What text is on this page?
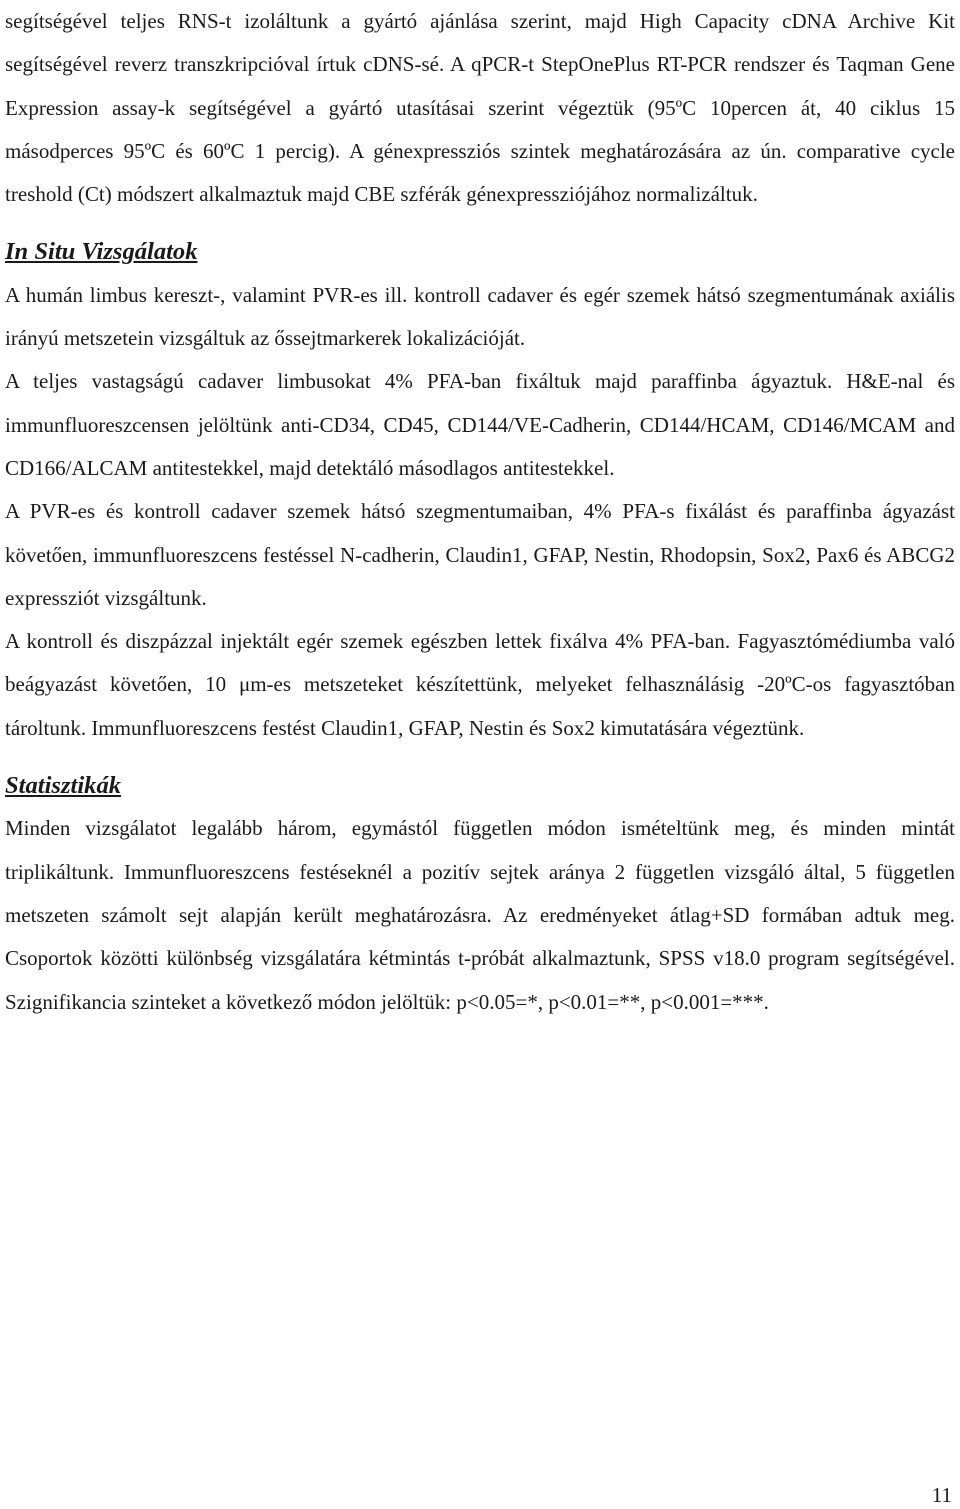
segítségével teljes RNS-t izoláltunk a gyártó ajánlása szerint, majd High Capacity cDNA Archive Kit segítségével reverz transzkripcióval írtuk cDNS-sé. A qPCR-t StepOnePlus RT-PCR rendszer és Taqman Gene Expression assay-k segítségével a gyártó utasításai szerint végeztük (95ºC 10percen át, 40 ciklus 15 másodperces 95ºC és 60ºC 1 percig). A génexpressziós szintek meghatározására az ún. comparative cycle treshold (Ct) módszert alkalmaztuk majd CBE szférák génexpressziójához normalizáltuk.

In Situ Vizsgálatok

A humán limbus kereszt-, valamint PVR-es ill. kontroll cadaver és egér szemek hátsó szegmentumának axiális irányú metszetein vizsgáltuk az őssejtmarkerek lokalizációját.

A teljes vastagságú cadaver limbusokat 4% PFA-ban fixáltuk majd paraffinba ágyaztuk. H&E-nal és immunfluoreszcensen jelöltünk anti-CD34, CD45, CD144/VE-Cadherin, CD144/HCAM, CD146/MCAM and CD166/ALCAM antitestekkel, majd detektáló másodlagos antitestekkel.

A PVR-es és kontroll cadaver szemek hátsó szegmentumaiban, 4% PFA-s fixálást és paraffinba ágyazást követően, immunfluoreszcens festéssel N-cadherin, Claudin1, GFAP, Nestin, Rhodopsin, Sox2, Pax6 és ABCG2 expressziót vizsgáltunk.

A kontroll és diszpázzal injektált egér szemek egészben lettek fixálva 4% PFA-ban. Fagyasztómédiumba való beágyazást követően, 10 μm-es metszeteket készítettünk, melyeket felhasználásig -20ºC-os fagyasztóban tároltunk. Immunfluoreszcens festést Claudin1, GFAP, Nestin és Sox2 kimutatására végeztünk.

Statisztikák

Minden vizsgálatot legalább három, egymástól független módon ismételtünk meg, és minden mintát triplikáltunk. Immunfluoreszcens festéseknél a pozitív sejtek aránya 2 független vizsgáló által, 5 független metszeten számolt sejt alapján került meghatározásra. Az eredményeket átlag+SD formában adtuk meg. Csoportok közötti különbség vizsgálatára kétmintás t-próbát alkalmaztunk, SPSS v18.0 program segítségével. Szignifikancia szinteket a következő módon jelöltük: p<0.05=*, p<0.01=**, p<0.001=***.

11
